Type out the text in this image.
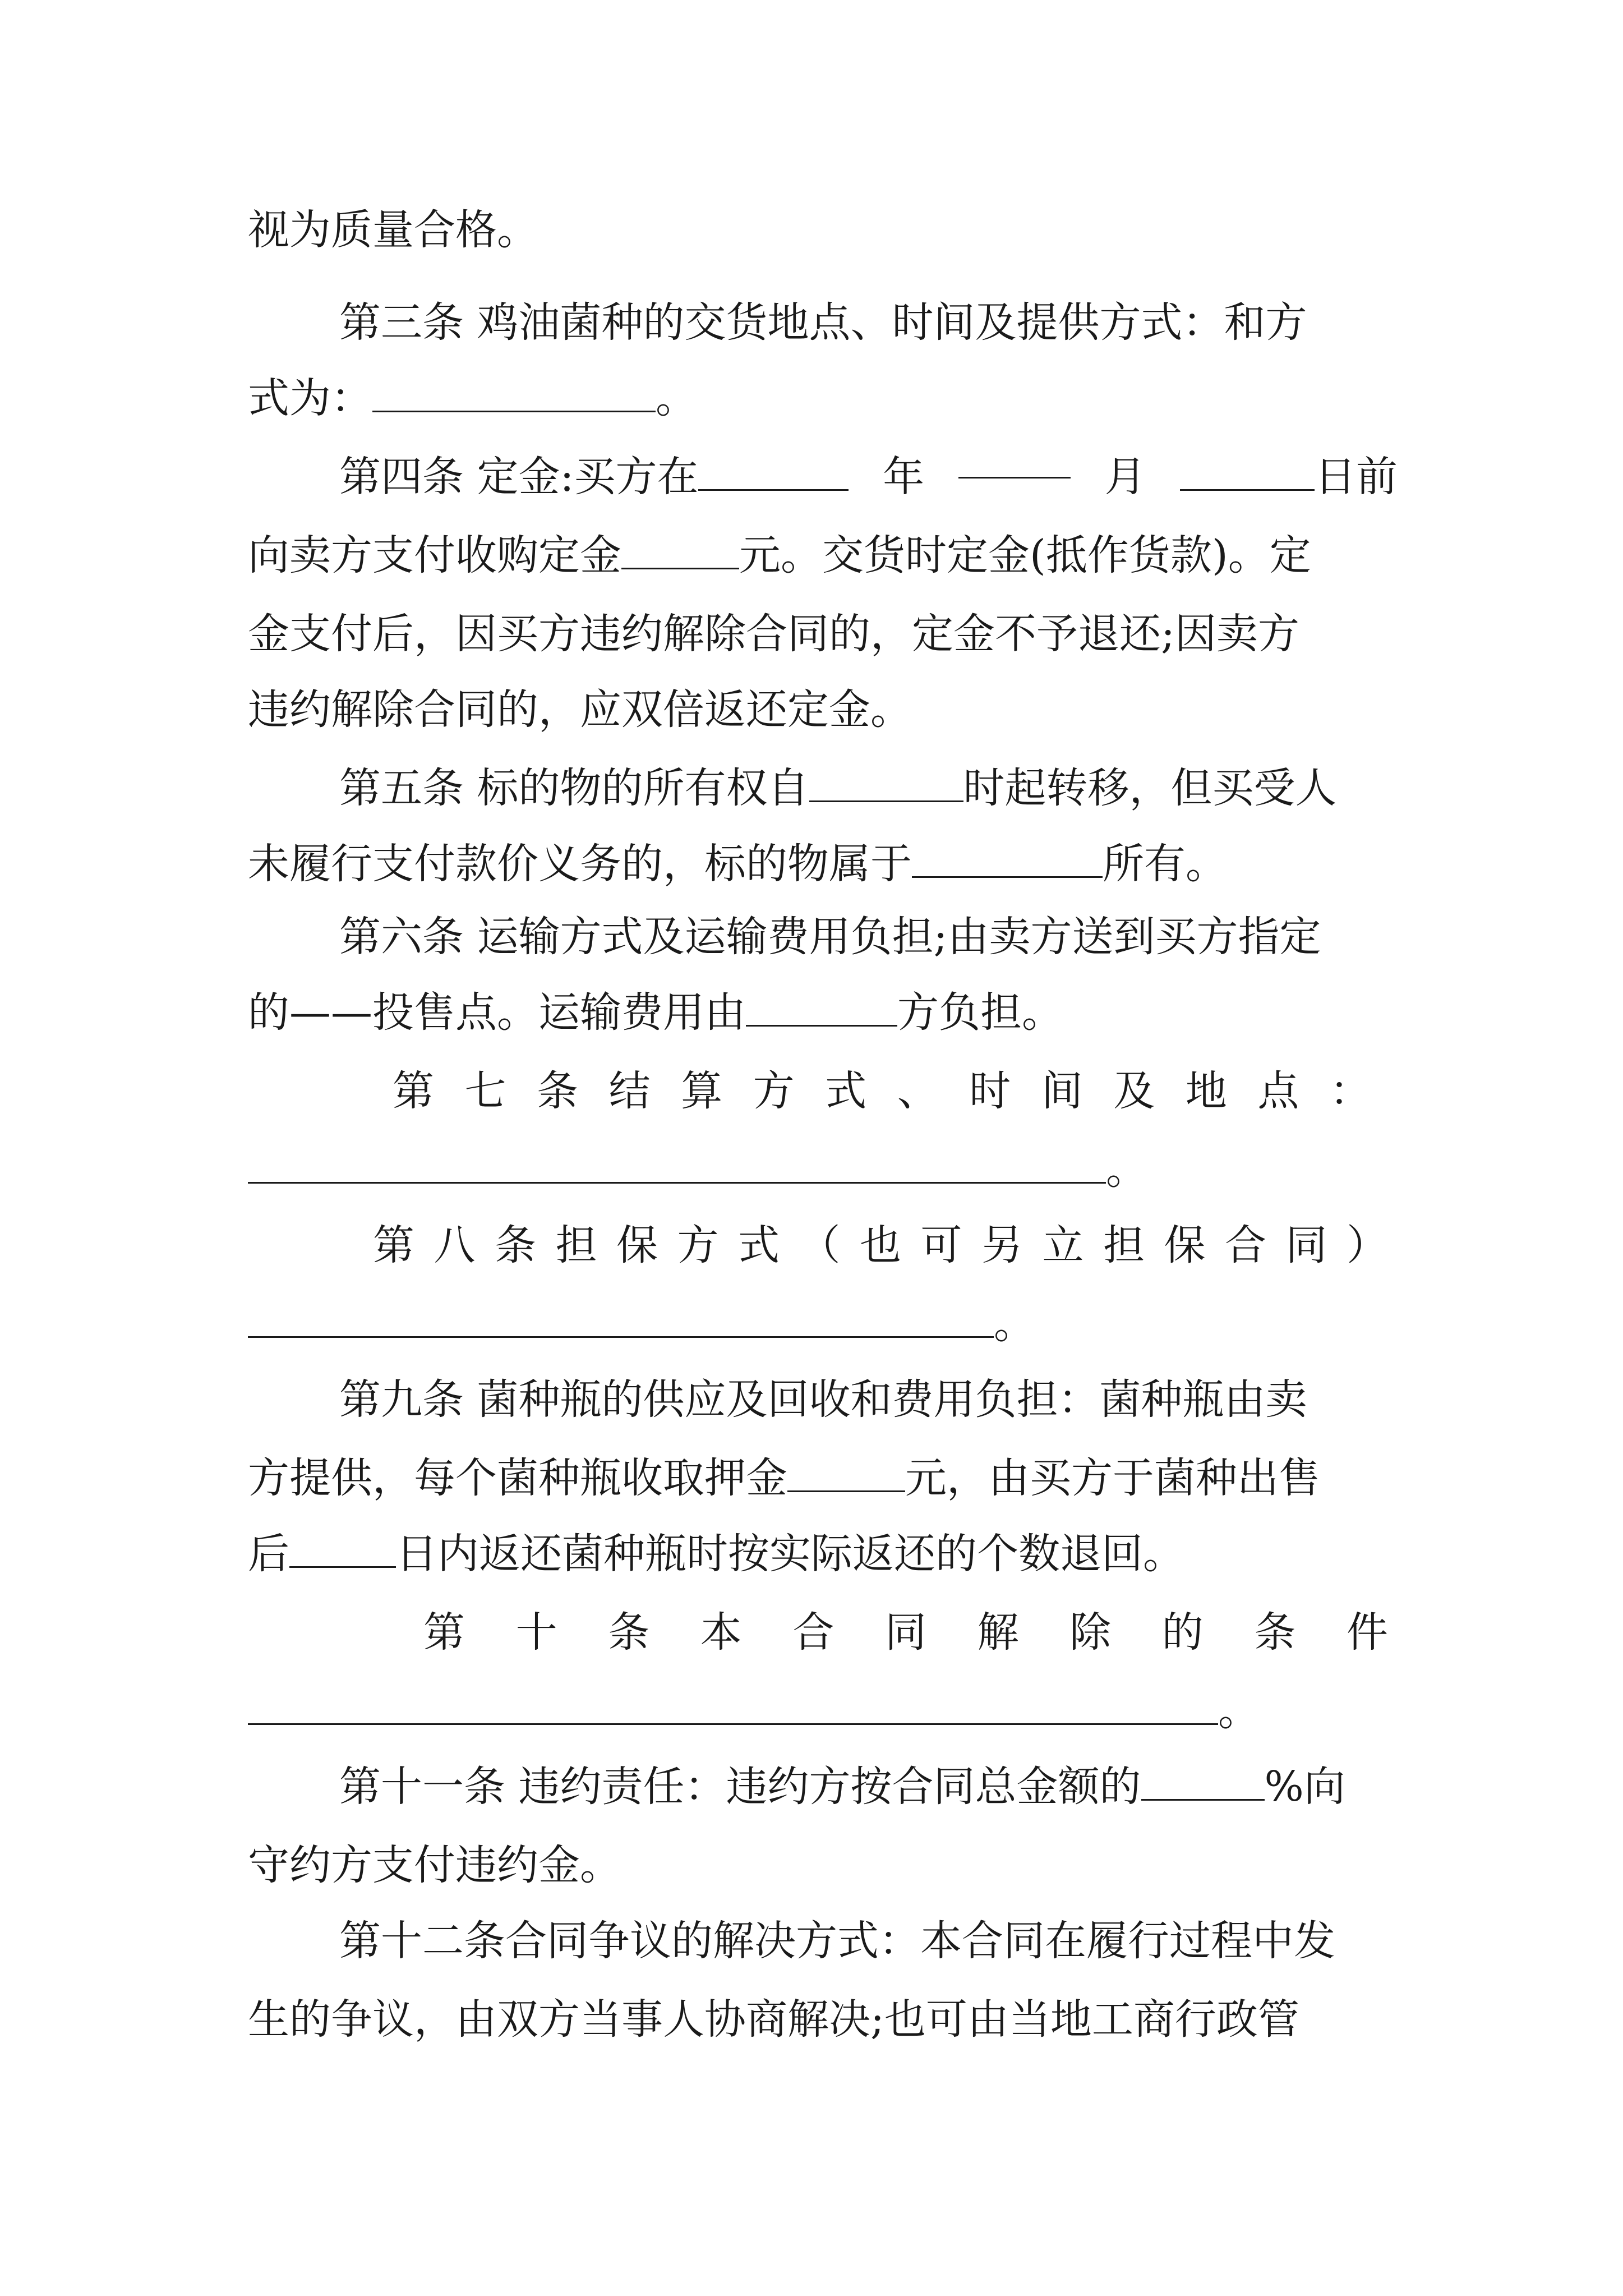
视为质量合格。
第三条 鸡油菌种的交货地点、时间及提供方式：和方
式为：	。
第四条 定金:买方在	年	月	日前
向卖方支付收购定金	元。交货时定金(抵作货款)。定
金支付后，因买方违约解除合同的，定金不予退还;因卖方
违约解除合同的，应双倍返还定金。
第五条 标的物的所有权自	时起转移，但买受人
未履行支付款价义务的，标的物属于	所有。
第六条 运输方式及运输费用负担;由卖方送到买方指定
的——投售点。运输费用由	方负担。
第 七 条 结 算 方 式 、 时 间 及 地 点 ：
。
第 八 条 担 保 方 式 （ 也 可 另 立 担 保 合 同 ）
。
第九条 菌种瓶的供应及回收和费用负担：菌种瓶由卖
方提供，每个菌种瓶收取押金	元，由买方于菌种出售
后	日内返还菌种瓶时按实际返还的个数退回。
第 十 条 本 合 同 解 除 的 条 件
。
第十一条 违约责任：违约方按合同总金额的	%向
守约方支付违约金。
第十二条合同争议的解决方式：本合同在履行过程中发
生的争议，由双方当事人协商解决;也可由当地工商行政管
